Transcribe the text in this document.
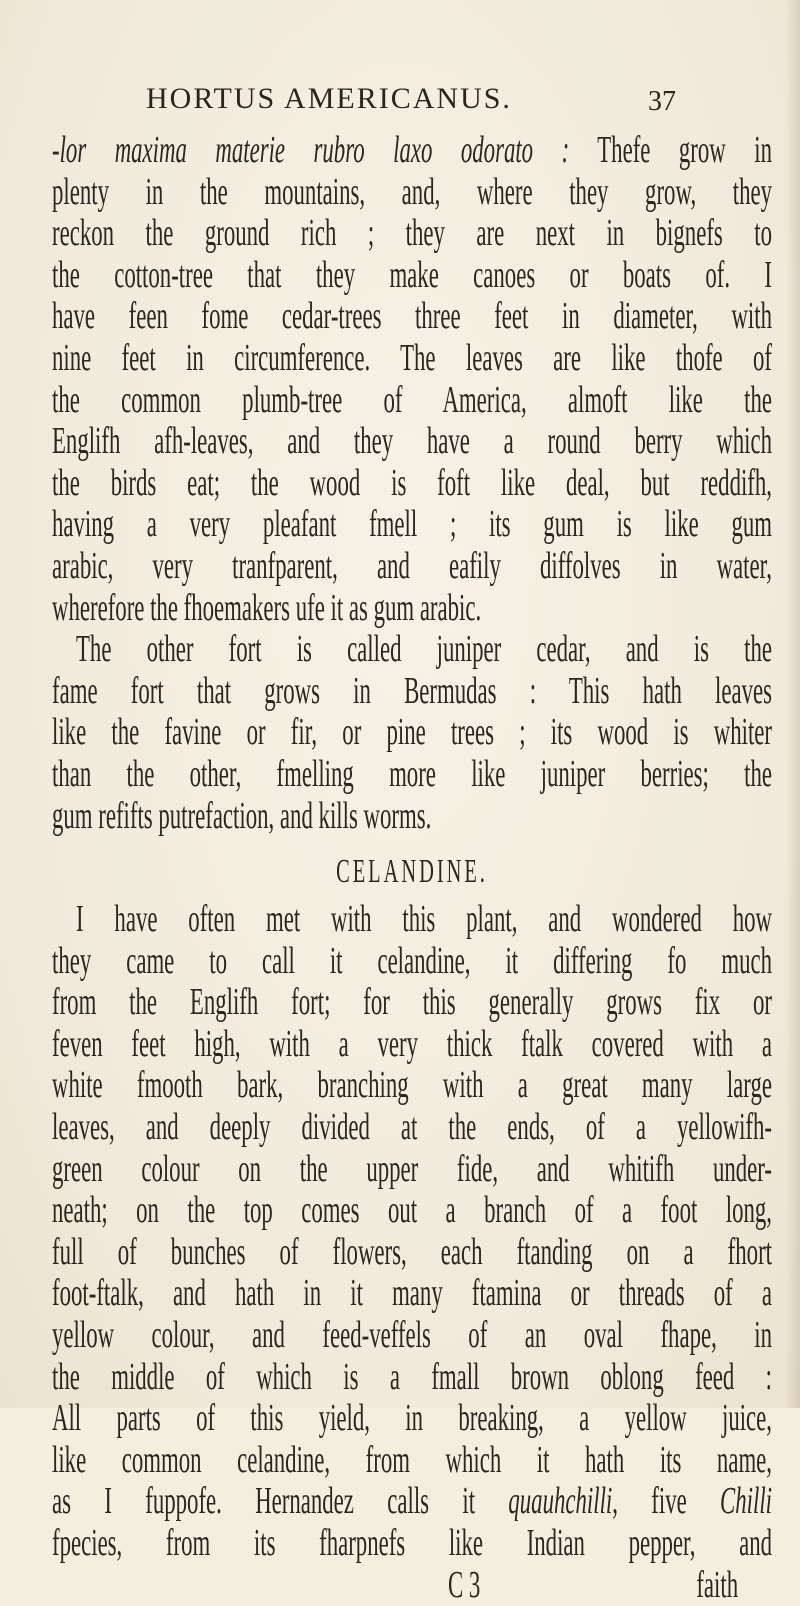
HORTUS AMERICANUS.	37
-lor maxima materie rubro laxo odorato : Thefe grow in
plenty in the mountains, and, where they grow, they
reckon the ground rich ; they are next in bignefs to
the cotton-tree that they make canoes or boats of. I
have feen fome cedar-trees three feet in diameter, with
nine feet in circumference. The leaves are like thofe of
the common plumb-tree of America, almoft like the
Englifh afh-leaves, and they have a round berry which
the birds eat; the wood is foft like deal, but reddifh,
having a very pleafant fmell ; its gum is like gum
arabic, very tranfparent, and eafily diffolves in water,
wherefore the fhoemakers ufe it as gum arabic.
The other fort is called juniper cedar, and is the
fame fort that grows in Bermudas : This hath leaves
like the favine or fir, or pine trees ; its wood is whiter
than the other, fmelling more like juniper berries; the
gum refifts putrefaction, and kills worms.
CELANDINE.
I have often met with this plant, and wondered how
they came to call it celandine, it differing fo much
from the Englifh fort; for this generally grows fix or
feven feet high, with a very thick ftalk covered with a
white fmooth bark, branching with a great many large
leaves, and deeply divided at the ends, of a yellowifh-
green colour on the upper fide, and whitifh under-
neath; on the top comes out a branch of a foot long,
full of bunches of flowers, each ftanding on a fhort
foot-ftalk, and hath in it many ftamina or threads of a
yellow colour, and feed-veffels of an oval fhape, in
the middle of which is a fmall brown oblong feed :
All parts of this yield, in breaking, a yellow juice,
like common celandine, from which it hath its name,
as I fuppofe. Hernandez calls it quauhchilli, five Chilli
fpecies, from its fharpnefs like Indian pepper, and
C 3	faith
